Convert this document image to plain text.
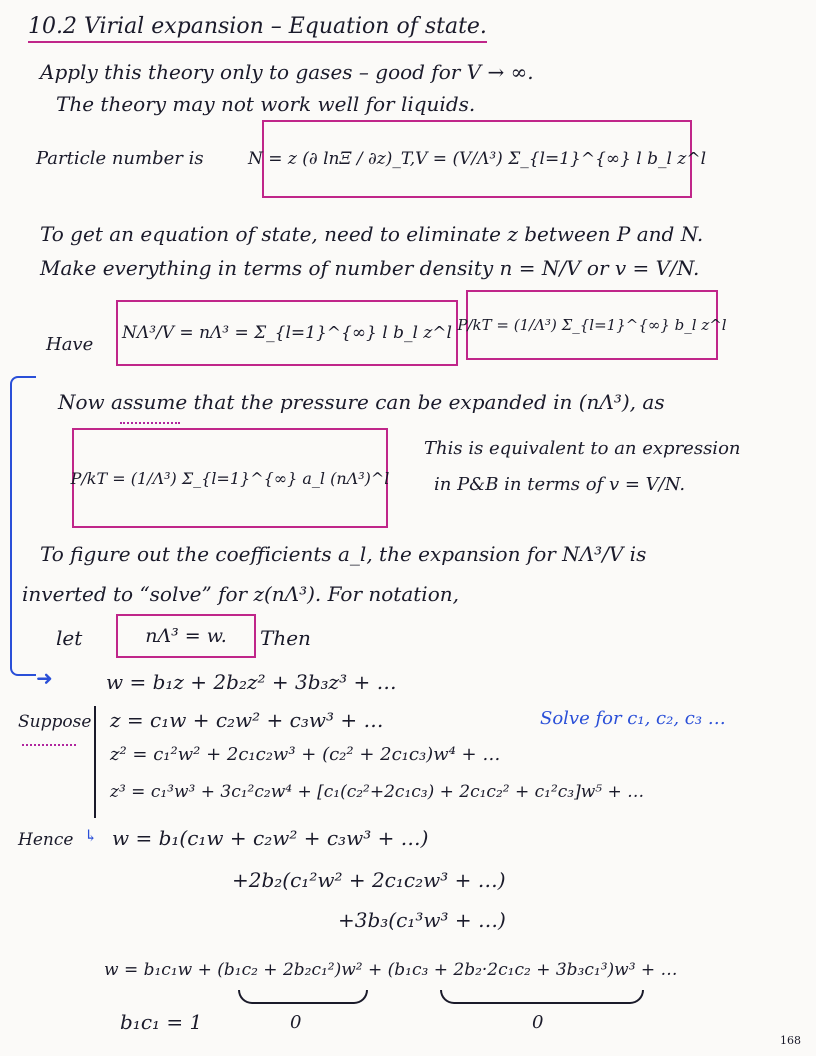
10.2 Virial expansion – Equation of state.
Apply this theory only to gases – good for V → ∞.
The theory may not work well for liquids.
Particle number is	N = z (∂ lnΞ / ∂z)_T,V = (V/Λ³) Σ_{l=1}^{∞} l b_l z^l
To get an equation of state, need to eliminate z between P and N.
Make everything in terms of number density n = N/V or v = V/N.
Have
NΛ³/V = nΛ³ = Σ_{l=1}^{∞} l b_l z^l P/kT = (1/Λ³) Σ_{l=1}^{∞} b_l z^l
Now assume that the pressure can be expanded in (nΛ³), as
P/kT = (1/Λ³) Σ_{l=1}^{∞} a_l (nΛ³)^l
This is equivalent to an expression
in P&B in terms of v = V/N.
To figure out the coefficients a_l, the expansion for NΛ³/V is
inverted to “solve” for z(nΛ³). For notation,
let	nΛ³ = w. Then
➜	w = b₁z + 2b₂z² + 3b₃z³ + …
Suppose z = c₁w + c₂w² + c₃w³ + …	Solve for c₁, c₂, c₃ …
z² = c₁²w² + 2c₁c₂w³ + (c₂² + 2c₁c₃)w⁴ + …
z³ = c₁³w³ + 3c₁²c₂w⁴ + [c₁(c₂²+2c₁c₃) + 2c₁c₂² + c₁²c₃]w⁵ + …
Hence ↳ w = b₁(c₁w + c₂w² + c₃w³ + …)
+2b₂(c₁²w² + 2c₁c₂w³ + …)
+3b₃(c₁³w³ + …)
w = b₁c₁w + (b₁c₂ + 2b₂c₁²)w² + (b₁c₃ + 2b₂·2c₁c₂ + 3b₃c₁³)w³ + …
b₁c₁ = 1	0	0
168
